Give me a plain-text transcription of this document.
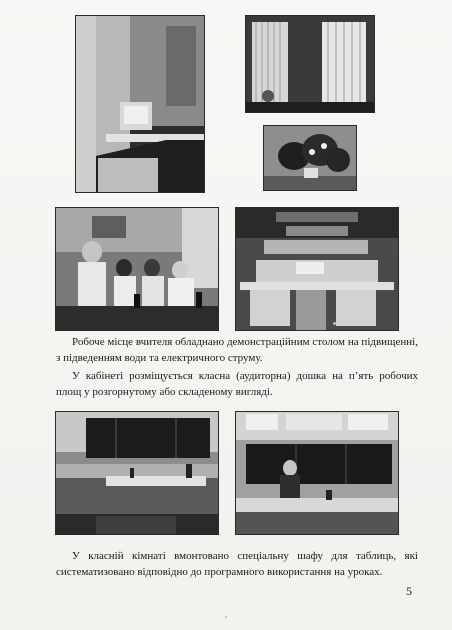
Робоче місце вчителя обладнано демонстраційним столом на підвищенні, з підведенням води та електричного струму.

У кабінеті розміщується класна (аудиторна) дошка на п’ять робочих площ у розгорнутому або складеному вигляді.

У класній кімнаті вмонтовано спеціальну шафу для таблиць, які систематизовано відповідно до програмного використання на уроках.

5
